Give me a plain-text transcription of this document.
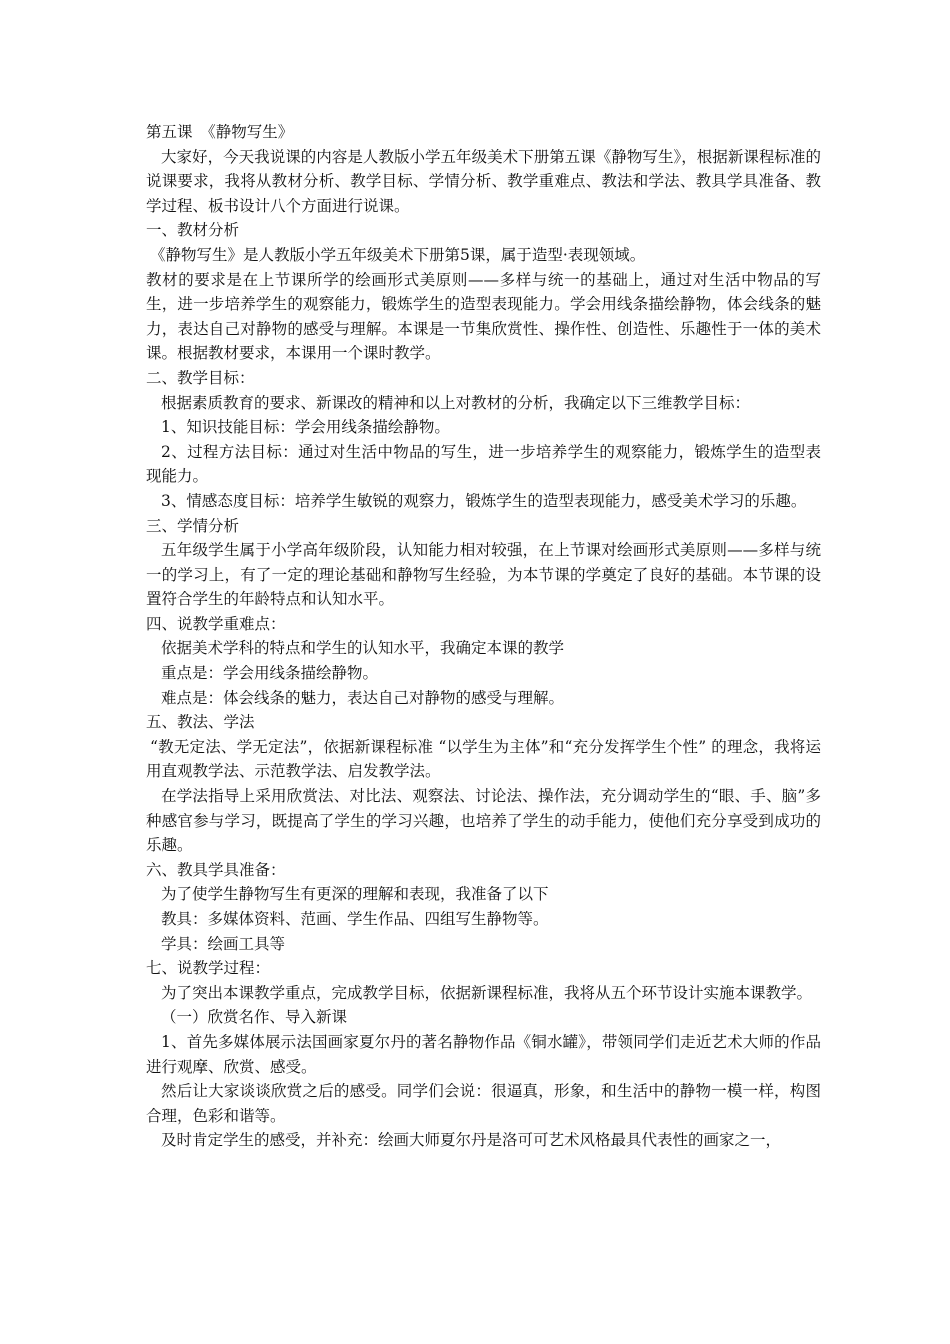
第五课　《静物写生》

大家好，今天我说课的内容是人教版小学五年级美术下册第五课《静物写生》，根据新课程标准的说课要求，我将从教材分析、教学目标、学情分析、教学重难点、教法和学法、教具学具准备、教学过程、板书设计八个方面进行说课。

一、教材分析

《静物写生》是人教版小学五年级美术下册第5课，属于造型·表现领域。

教材的要求是在上节课所学的绘画形式美原则——多样与统一的基础上，通过对生活中物品的写生，进一步培养学生的观察能力，锻炼学生的造型表现能力。学会用线条描绘静物，体会线条的魅力，表达自己对静物的感受与理解。本课是一节集欣赏性、操作性、创造性、乐趣性于一体的美术课。根据教材要求，本课用一个课时教学。

二、教学目标：

根据素质教育的要求、新课改的精神和以上对教材的分析，我确定以下三维教学目标：

1、知识技能目标：学会用线条描绘静物。

2、过程方法目标：通过对生活中物品的写生，进一步培养学生的观察能力，锻炼学生的造型表现能力。

3、情感态度目标：培养学生敏锐的观察力，锻炼学生的造型表现能力，感受美术学习的乐趣。

三、学情分析

五年级学生属于小学高年级阶段，认知能力相对较强，在上节课对绘画形式美原则——多样与统一的学习上，有了一定的理论基础和静物写生经验，为本节课的学奠定了良好的基础。本节课的设置符合学生的年龄特点和认知水平。

四、说教学重难点：

依据美术学科的特点和学生的认知水平，我确定本课的教学

重点是：学会用线条描绘静物。

难点是：体会线条的魅力，表达自己对静物的感受与理解。

五、教法、学法

“教无定法、学无定法”，依据新课程标准 “以学生为主体”和“充分发挥学生个性” 的理念，我将运用直观教学法、示范教学法、启发教学法。

在学法指导上采用欣赏法、对比法、观察法、讨论法、操作法，充分调动学生的“眼、手、脑”多种感官参与学习，既提高了学生的学习兴趣，也培养了学生的动手能力，使他们充分享受到成功的乐趣。

六、教具学具准备：

为了使学生静物写生有更深的理解和表现，我准备了以下

教具：多媒体资料、范画、学生作品、四组写生静物等。

学具：绘画工具等

七、说教学过程：

为了突出本课教学重点，完成教学目标，依据新课程标准，我将从五个环节设计实施本课教学。

（一）欣赏名作、导入新课

1、首先多媒体展示法国画家夏尔丹的著名静物作品《铜水罐》，带领同学们走近艺术大师的作品进行观摩、欣赏、感受。

然后让大家谈谈欣赏之后的感受。同学们会说：很逼真，形象，和生活中的静物一模一样，构图合理，色彩和谐等。

及时肯定学生的感受，并补充：绘画大师夏尔丹是洛可可艺术风格最具代表性的画家之一，
